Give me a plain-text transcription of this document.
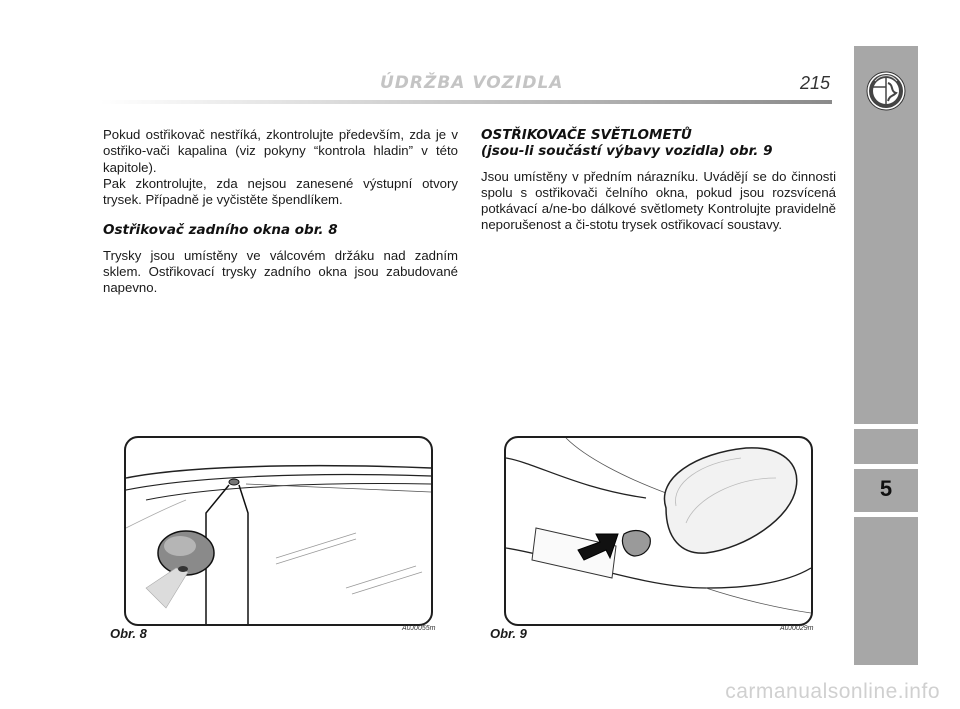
ÚDRŽBA VOZIDLA	215
5

Pokud ostřikovač nestříká, zkontrolujte především, zda je v ostřiko-vači kapalina (viz pokyny “kontrola hladin” v této kapitole).

Pak zkontrolujte, zda nejsou zanesené výstupní otvory trysek. Případně je vyčistěte špendlíkem.

Ostřikovač zadního okna obr. 8

Trysky jsou umístěny ve válcovém držáku nad zadním sklem. Ostřikovací trysky zadního okna jsou zabudované napevno.

OSTŘIKOVAČE SVĚTLOMETŮ
(jsou-li součástí výbavy vozidla) obr. 9

Jsou umístěny v předním nárazníku. Uvádějí se do činnosti spolu s ostřikovači čelního okna, pokud jsou rozsvícená potkávací a/ne-bo dálkové světlomety Kontrolujte pravidelně neporušenost a či-stotu trysek ostřikovací soustavy.

Obr. 8	A0J0055m	Obr. 9	A0J0029m
carmanualsonline.info
